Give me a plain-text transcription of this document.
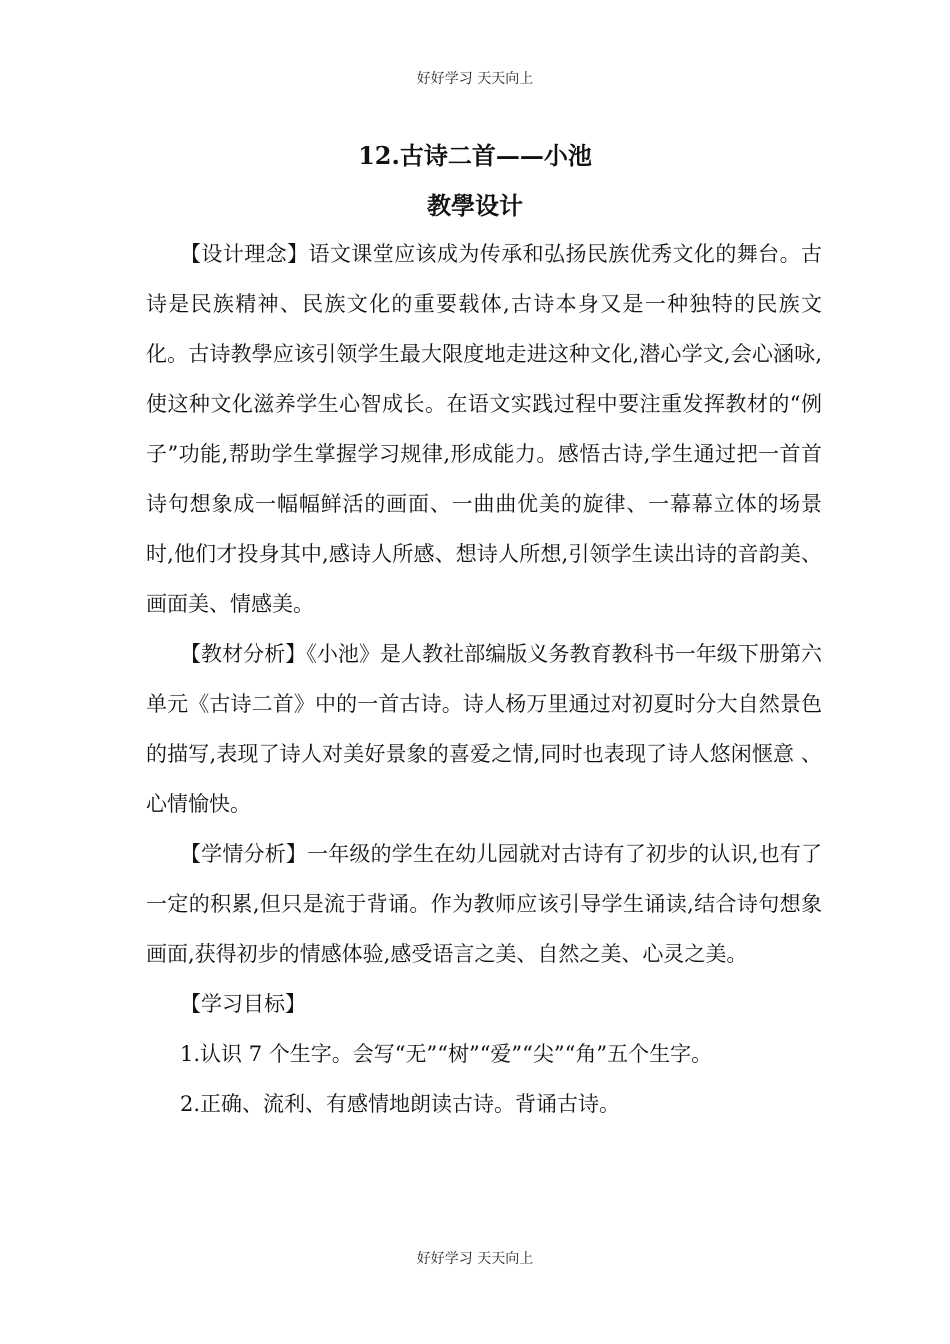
好好学习 天天向上
12.古诗二首——小池
教學设计

【设计理念】语文课堂应该成为传承和弘扬民族优秀文化的舞台。古诗是民族精神、民族文化的重要载体,古诗本身又是一种独特的民族文化。古诗教學应该引领学生最大限度地走进这种文化,潜心学文,会心涵咏,使这种文化滋养学生心智成长。在语文实践过程中要注重发挥教材的“例子”功能,帮助学生掌握学习规律,形成能力。感悟古诗,学生通过把一首首诗句想象成一幅幅鲜活的画面、一曲曲优美的旋律、一幕幕立体的场景时,他们才投身其中,感诗人所感、想诗人所想,引领学生读出诗的音韵美、画面美、情感美。

【教材分析】《小池》是人教社部编版义务教育教科书一年级下册第六单元《古诗二首》中的一首古诗。诗人杨万里通过对初夏时分大自然景色的描写,表现了诗人对美好景象的喜爱之情,同时也表现了诗人悠闲惬意 、心情愉快。

【学情分析】一年级的学生在幼儿园就对古诗有了初步的认识,也有了一定的积累,但只是流于背诵。作为教师应该引导学生诵读,结合诗句想象画面,获得初步的情感体验,感受语言之美、自然之美、心灵之美。

【学习目标】

1.认识 7 个生字。会写“无”“树”“爱”“尖”“角”五个生字。

2.正确、流利、有感情地朗读古诗。背诵古诗。

好好学习 天天向上
